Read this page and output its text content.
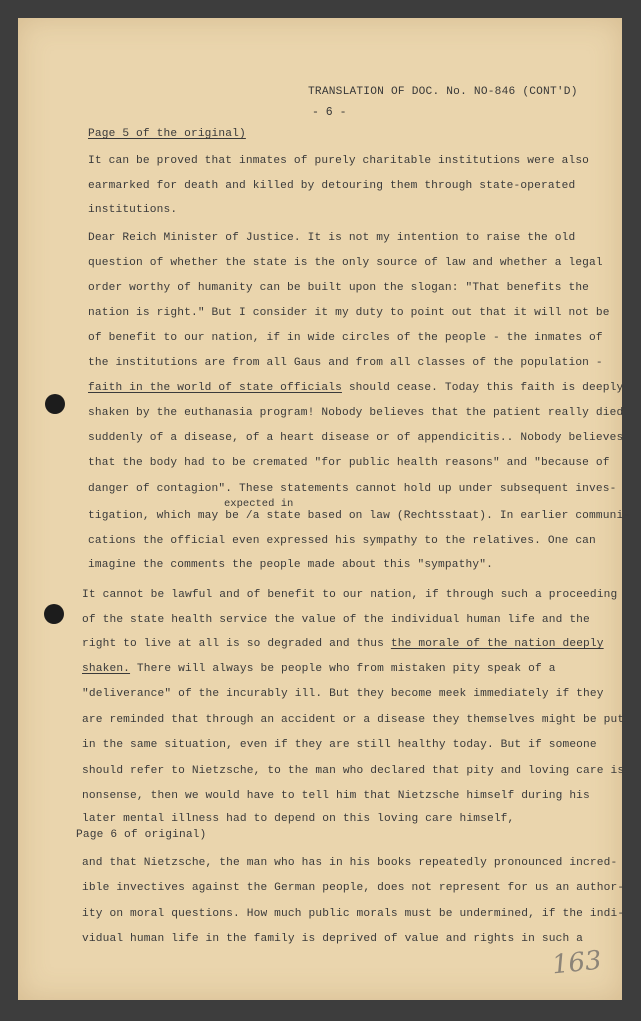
TRANSLATION OF DOC. No. NO-846 (CONT'D)
- 6 -
Page 5 of the original)
It can be proved that inmates of purely charitable institutions were also
earmarked for death and killed by detouring them through state-operated
institutions.
Dear Reich Minister of Justice. It is not my intention to raise the old
question of whether the state is the only source of law and whether a legal
order worthy of humanity can be built upon the slogan: "That benefits the
nation is right." But I consider it my duty to point out that it will not be
of benefit to our nation, if in wide circles of the people - the inmates of
the institutions are from all Gaus and from all classes of the population -
faith in the world of state officials should cease. Today this faith is deeply
shaken by the euthanasia program! Nobody believes that the patient really died
suddenly of a disease, of a heart disease or of appendicitis.. Nobody believes
that the body had to be cremated "for public health reasons" and "because of
danger of contagion". These statements cannot hold up under subsequent inves-
expected in
tigation, which may be /a state based on law (Rechtsstaat). In earlier communi-
cations the official even expressed his sympathy to the relatives. One can
imagine the comments the people made about this "sympathy".
It cannot be lawful and of benefit to our nation, if through such a proceeding
of the state health service the value of the individual human life and the
right to live at all is so degraded and thus the morale of the nation deeply
shaken. There will always be people who from mistaken pity speak of a
"deliverance" of the incurably ill. But they become meek immediately if they
are reminded that through an accident or a disease they themselves might be put
in the same situation, even if they are still healthy today. But if someone
should refer to Nietzsche, to the man who declared that pity and loving care is
nonsense, then we would have to tell him that Nietzsche himself during his
later mental illness had to depend on this loving care himself,
Page 6 of original)
and that Nietzsche, the man who has in his books repeatedly pronounced incred-
ible invectives against the German people, does not represent for us an author-
ity on moral questions. How much public morals must be undermined, if the indi-
vidual human life in the family is deprived of value and rights in such a
163
